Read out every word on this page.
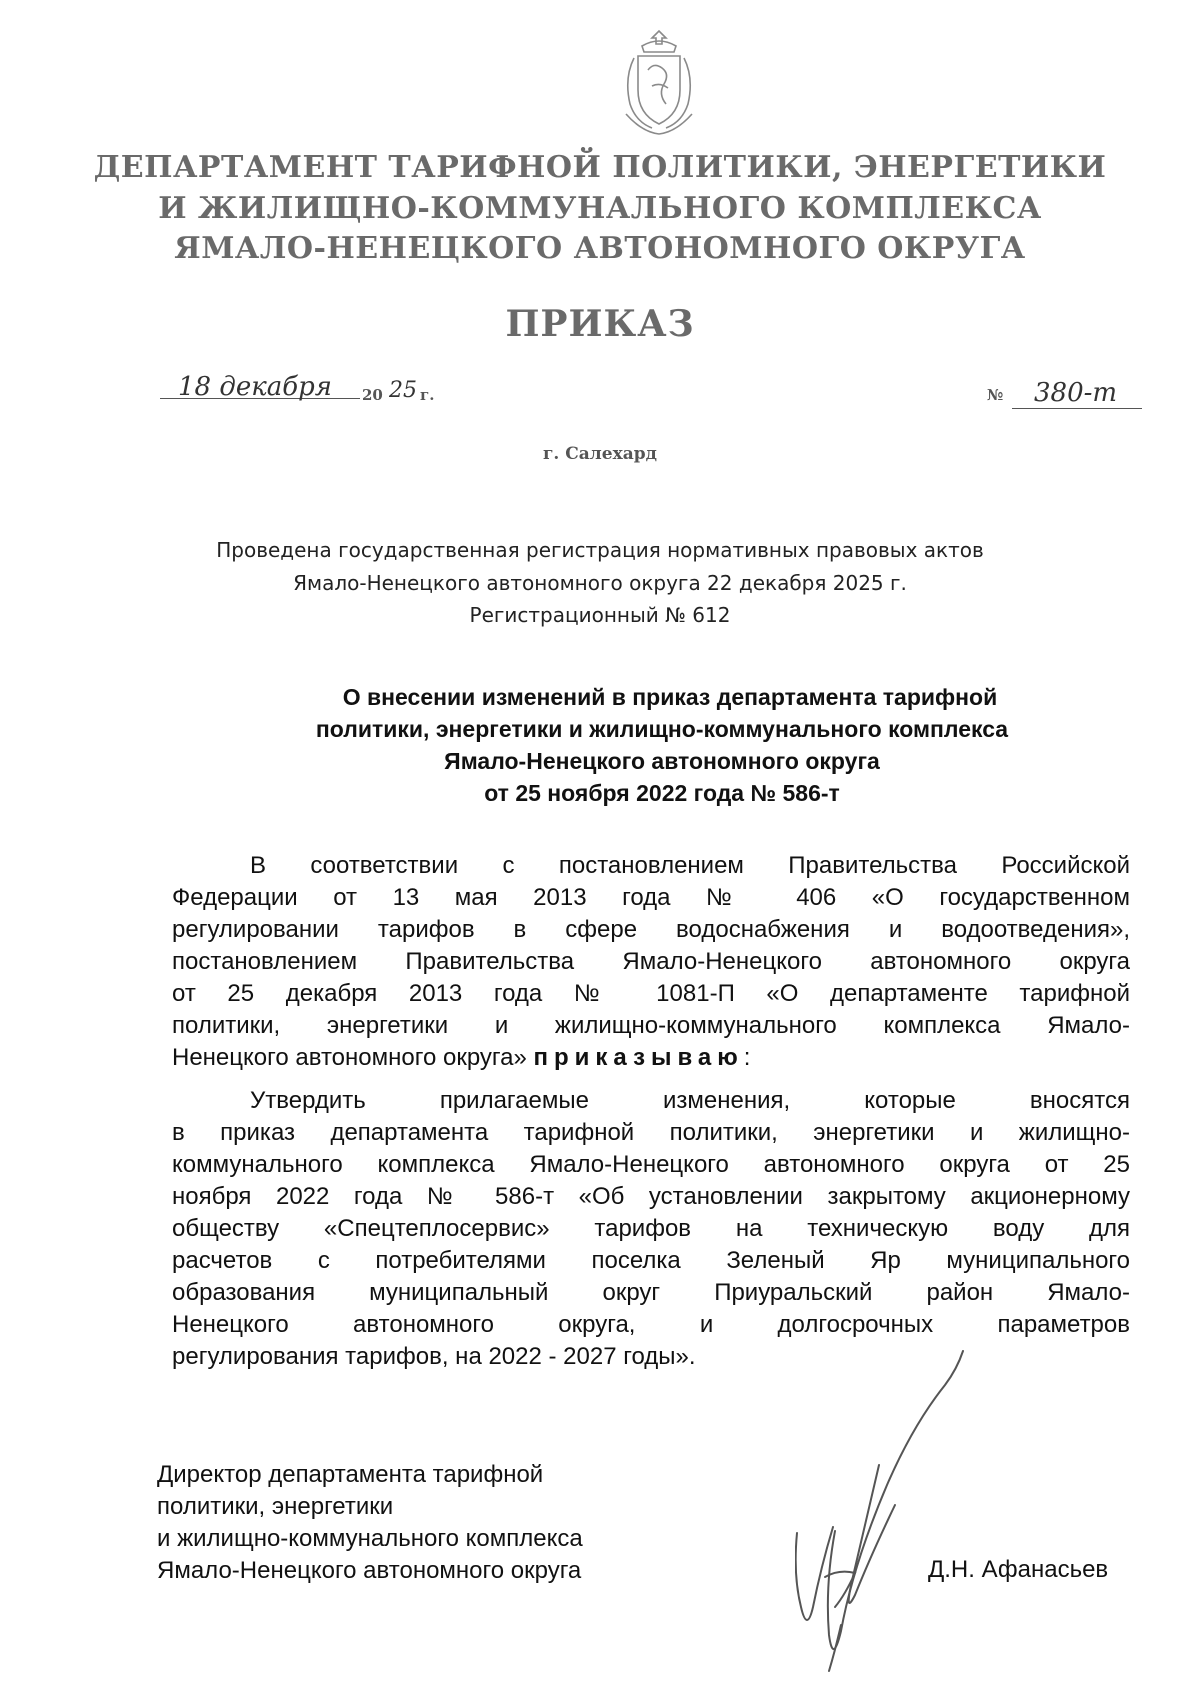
ДЕПАРТАМЕНТ ТАРИФНОЙ ПОЛИТИКИ, ЭНЕРГЕТИКИ
И ЖИЛИЩНО-КОММУНАЛЬНОГО КОМПЛЕКСА
ЯМАЛО-НЕНЕЦКОГО АВТОНОМНОГО ОКРУГА
ПРИКАЗ
18 декабря 20 25 г.	№ 380-т
г. Салехард
Проведена государственная регистрация нормативных правовых актов
Ямало-Ненецкого автономного округа 22 декабря 2025 г.
Регистрационный № 612
О внесении изменений в приказ департамента тарифной
политики, энергетики и жилищно-коммунального комплекса
Ямало-Ненецкого автономного округа
от 25 ноября 2022 года № 586-т
В соответствии с постановлением Правительства Российской
Федерации от 13 мая 2013 года № 406 «О государственном
регулировании тарифов в сфере водоснабжения и водоотведения»,
постановлением Правительства Ямало-Ненецкого автономного округа
от 25 декабря 2013 года № 1081-П «О департаменте тарифной
политики, энергетики и жилищно-коммунального комплекса Ямало-
Ненецкого автономного округа» приказываю:
Утвердить прилагаемые изменения, которые вносятся
в приказ департамента тарифной политики, энергетики и жилищно-
коммунального комплекса Ямало-Ненецкого автономного округа от 25
ноября 2022 года № 586-т «Об установлении закрытому акционерному
обществу «Спецтеплосервис» тарифов на техническую воду для
расчетов с потребителями поселка Зеленый Яр муниципального
образования муниципальный округ Приуральский район Ямало-
Ненецкого автономного округа, и долгосрочных параметров
регулирования тарифов, на 2022 - 2027 годы».
Директор департамента тарифной
политики, энергетики
и жилищно-коммунального комплекса
Ямало-Ненецкого автономного округа	Д.Н. Афанасьев
